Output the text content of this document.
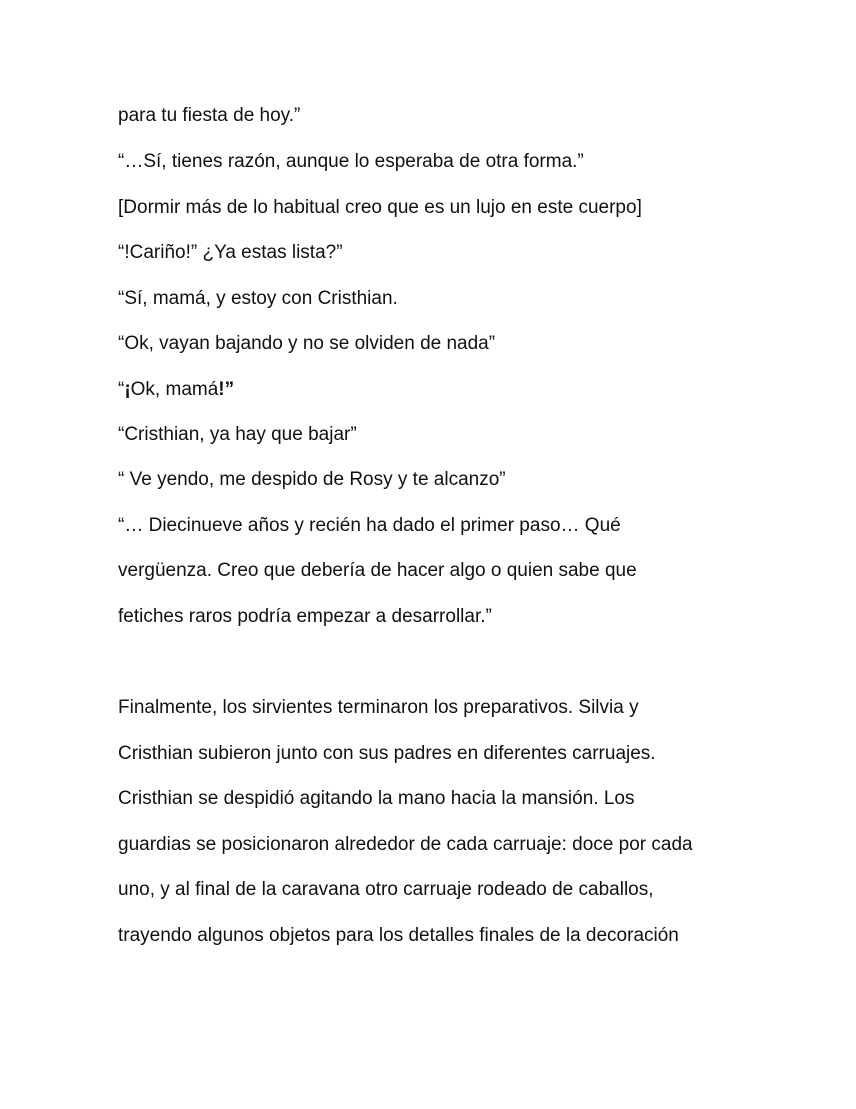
para tu fiesta de hoy.”

“…Sí, tienes razón, aunque lo esperaba de otra forma.”

[Dormir más de lo habitual creo que es un lujo en este cuerpo]

“!Cariño!” ¿Ya estas lista?”

“Sí, mamá, y estoy con Cristhian.

“Ok, vayan bajando y no se olviden de nada”

“¡Ok, mamá!”

“Cristhian, ya hay que bajar”

“ Ve yendo, me despido de Rosy y te alcanzo”

“… Diecinueve años y recién ha dado el primer paso… Qué

vergüenza. Creo que debería de hacer algo o quien sabe que

fetiches raros podría empezar a desarrollar.”

Finalmente, los sirvientes terminaron los preparativos. Silvia y

Cristhian subieron junto con sus padres en diferentes carruajes.

Cristhian se despidió agitando la mano hacia la mansión. Los

guardias se posicionaron alrededor de cada carruaje: doce por cada

uno, y al final de la caravana otro carruaje rodeado de caballos,

trayendo algunos objetos para los detalles finales de la decoración
